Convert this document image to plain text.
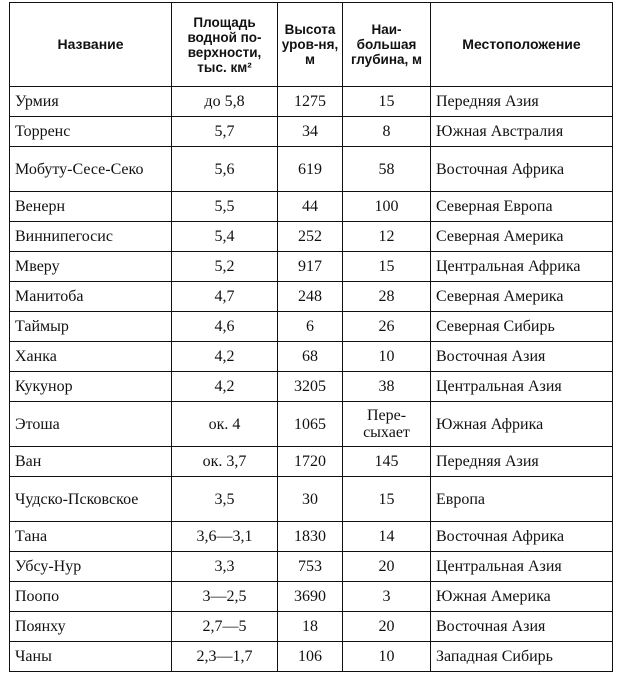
Название	Площадь водной по-верхности, тыс. км²	Высота уров-ня, м	Наи-большая глубина, м	Местоположение
Урмия	до 5,8	1275	15	Передняя Азия
Торренс	5,7	34	8	Южная Австралия
Мобуту-Сесе-Секо	5,6	619	58	Восточная Африка
Венерн	5,5	44	100	Северная Европа
Виннипегосис	5,4	252	12	Северная Америка
Мверу	5,2	917	15	Центральная Африка
Манитоба	4,7	248	28	Северная Америка
Таймыр	4,6	6	26	Северная Сибирь
Ханка	4,2	68	10	Восточная Азия
Кукунор	4,2	3205	38	Центральная Азия
Этоша	ок. 4	1065	Пере-сыхает	Южная Африка
Ван	ок. 3,7	1720	145	Передняя Азия
Чудско-Псковское	3,5	30	15	Европа
Тана	3,6—3,1	1830	14	Восточная Африка
Убсу-Нур	3,3	753	20	Центральная Азия
Поопо	3—2,5	3690	3	Южная Америка
Поянху	2,7—5	18	20	Восточная Азия
Чаны	2,3—1,7	106	10	Западная Сибирь
